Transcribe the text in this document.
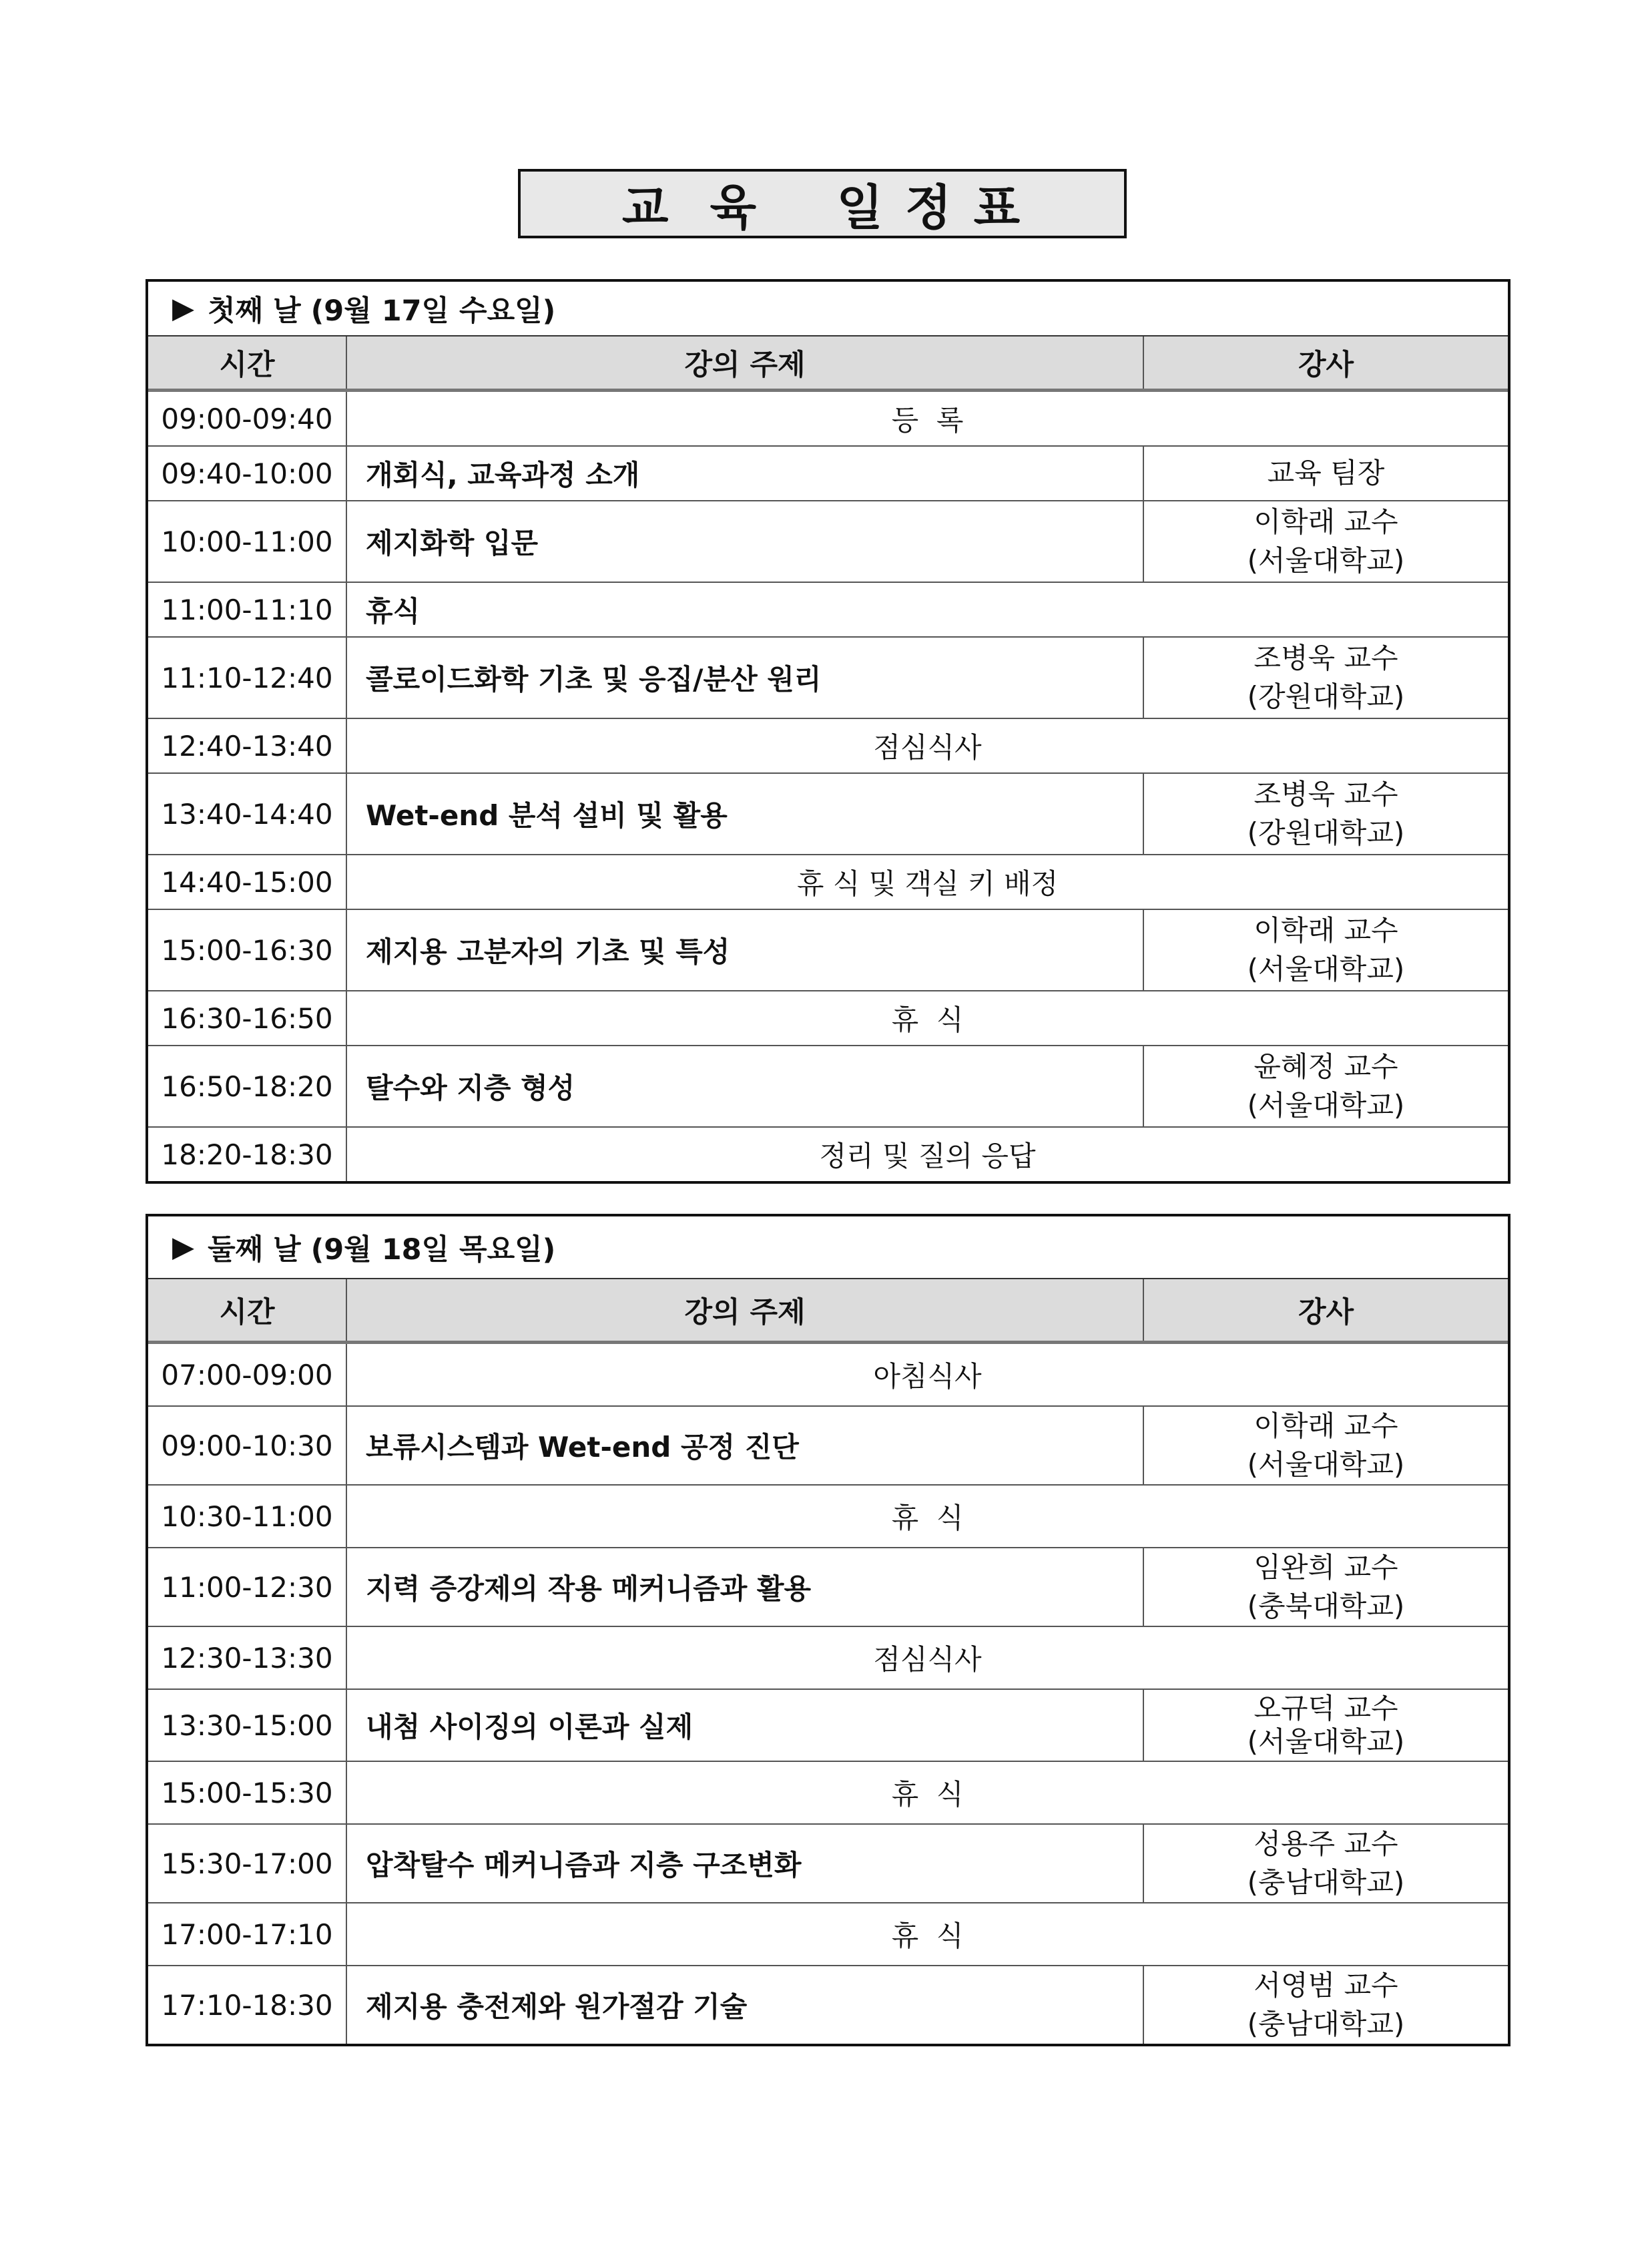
교  육    일 정 표
▶ 첫째 날 (9월 17일 수요일)
시간	강의 주제	강사
09:00-09:40	등  록	
09:40-10:00	개회식, 교육과정 소개	교육 팀장

10:00-11:00	제지화학 입문	이학래 교수
(서울대학교)

11:00-11:10	휴식	
11:10-12:40	콜로이드화학 기초 및 응집/분산 원리	조병욱 교수
(강원대학교)

12:40-13:40	점심식사	
13:40-14:40	Wet-end 분석 설비 및 활용	조병욱 교수
(강원대학교)

14:40-15:00	휴 식 및 객실 키 배정	
15:00-16:30	제지용 고분자의 기초 및 특성	이학래 교수
(서울대학교)

16:30-16:50	휴  식	
16:50-18:20	탈수와 지층 형성	윤혜정 교수
(서울대학교)

18:20-18:30	정리 및 질의 응답	
▶ 둘째 날 (9월 18일 목요일)
시간	강의 주제	강사
07:00-09:00	아침식사	
09:00-10:30	보류시스템과 Wet-end 공정 진단	이학래 교수
(서울대학교)

10:30-11:00	휴  식	
11:00-12:30	지력 증강제의 작용 메커니즘과 활용	임완희 교수
(충북대학교)

12:30-13:30	점심식사	
13:30-15:00	내첨 사이징의 이론과 실제	오규덕 교수
(서울대학교)

15:00-15:30	휴  식	
15:30-17:00	압착탈수 메커니즘과 지층 구조변화	성용주 교수
(충남대학교)

17:00-17:10	휴  식	
17:10-18:30	제지용 충전제와 원가절감 기술	서영범 교수
(충남대학교)
